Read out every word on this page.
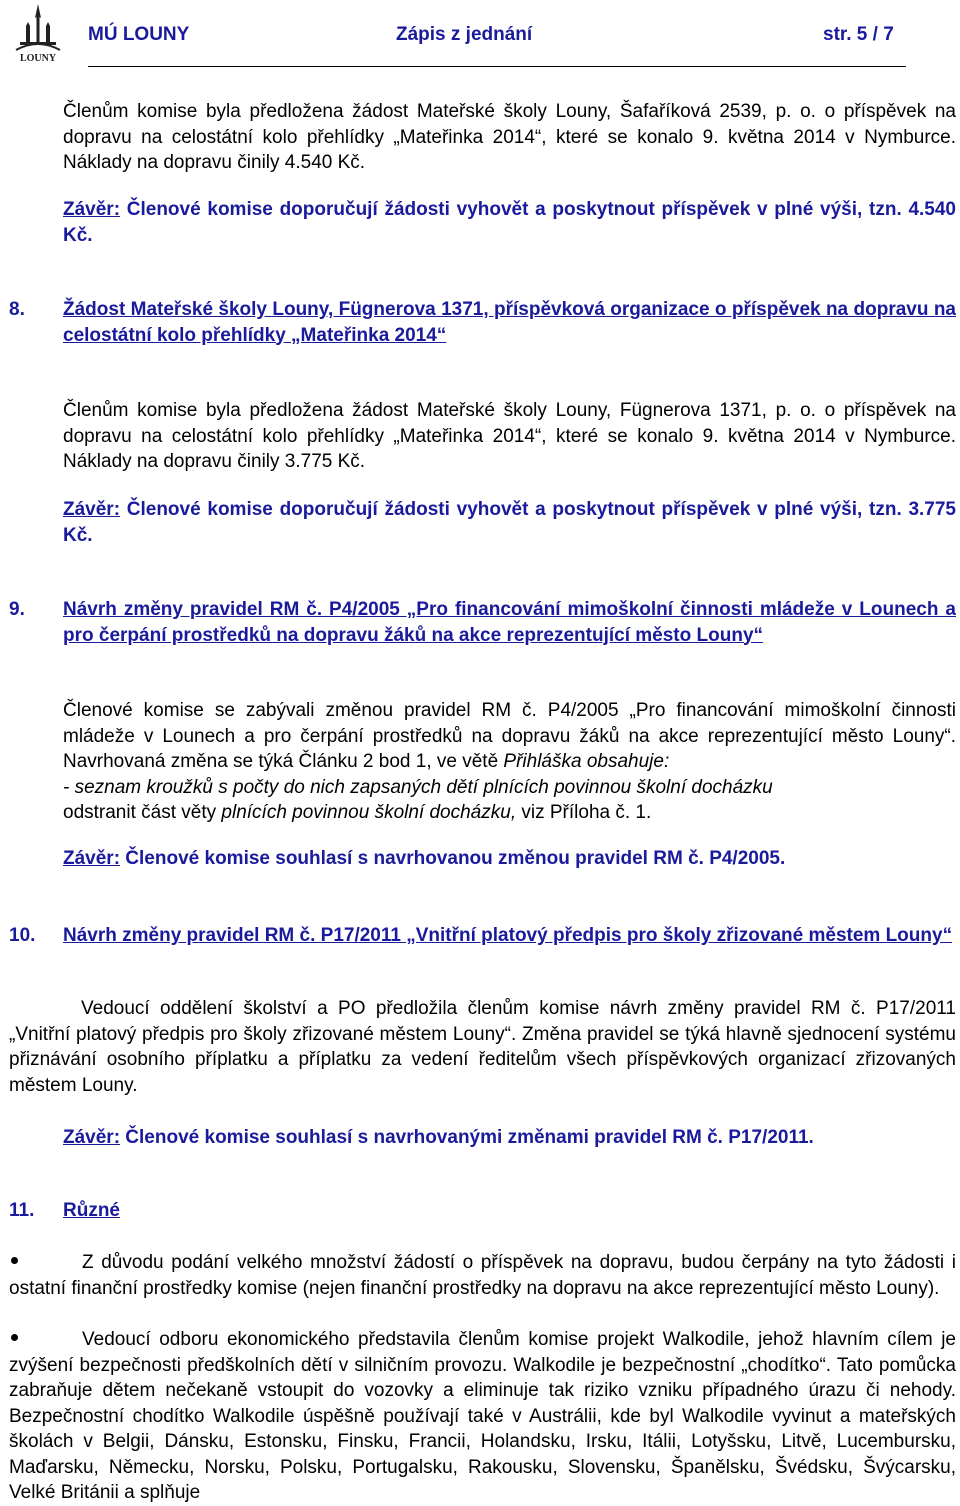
LOUNY
MÚ LOUNY	Zápis z jednání	str. 5 / 7
Členům komise byla předložena žádost Mateřské školy Louny, Šafaříková 2539, p. o. o příspěvek na dopravu na celostátní kolo přehlídky „Mateřinka 2014“, které se konalo 9. května 2014 v Nymburce. Náklady na dopravu činily 4.540 Kč.
Závěr: Členové komise doporučují žádosti vyhovět a poskytnout příspěvek v plné výši, tzn. 4.540 Kč.
8. Žádost Mateřské školy Louny, Fügnerova 1371, příspěvková organizace o příspěvek na dopravu na celostátní kolo přehlídky „Mateřinka 2014“
Členům komise byla předložena žádost Mateřské školy Louny, Fügnerova 1371, p. o. o příspěvek na dopravu na celostátní kolo přehlídky „Mateřinka 2014“, které se konalo 9. května 2014 v Nymburce. Náklady na dopravu činily 3.775 Kč.
Závěr: Členové komise doporučují žádosti vyhovět a poskytnout příspěvek v plné výši, tzn. 3.775 Kč.
9. Návrh změny pravidel RM č. P4/2005 „Pro financování mimoškolní činnosti mládeže v Lounech a pro čerpání prostředků na dopravu žáků na akce reprezentující město Louny“
Členové komise se zabývali změnou pravidel RM č. P4/2005 „Pro financování mimoškolní činnosti mládeže v Lounech a pro čerpání prostředků na dopravu žáků na akce reprezentující město Louny“. Navrhovaná změna se týká Článku 2 bod 1, ve větě Přihláška obsahuje:
- seznam kroužků s počty do nich zapsaných dětí plnících povinnou školní docházku
odstranit část věty plnících povinnou školní docházku, viz Příloha č. 1.
Závěr: Členové komise souhlasí s navrhovanou změnou pravidel RM č. P4/2005.
10. Návrh změny pravidel RM č. P17/2011 „Vnitřní platový předpis pro školy zřizované městem Louny“
Vedoucí oddělení školství a PO předložila členům komise návrh změny pravidel RM č. P17/2011 „Vnitřní platový předpis pro školy zřizované městem Louny“. Změna pravidel se týká hlavně sjednocení systému přiznávání osobního příplatku a příplatku za vedení ředitelům všech příspěvkových organizací zřizovaných městem Louny.
Závěr: Členové komise souhlasí s navrhovanými změnami pravidel RM č. P17/2011.
11. Různé
Z důvodu podání velkého množství žádostí o příspěvek na dopravu, budou čerpány na tyto žádosti i ostatní finanční prostředky komise (nejen finanční prostředky na dopravu na akce reprezentující město Louny).
Vedoucí odboru ekonomického představila členům komise projekt Walkodile, jehož hlavním cílem je zvýšení bezpečnosti předškolních dětí v silničním provozu. Walkodile je bezpečnostní „chodítko“. Tato pomůcka zabraňuje dětem nečekaně vstoupit do vozovky a eliminuje tak riziko vzniku případného úrazu či nehody. Bezpečnostní chodítko Walkodile úspěšně používají také v Austrálii, kde byl Walkodile vyvinut a mateřských školách v Belgii, Dánsku, Estonsku, Finsku, Francii, Holandsku, Irsku, Itálii, Lotyšsku, Litvě, Lucembursku, Maďarsku, Německu, Norsku, Polsku, Portugalsku, Rakousku, Slovensku, Španělsku, Švédsku, Švýcarsku, Velké Británii a splňuje
